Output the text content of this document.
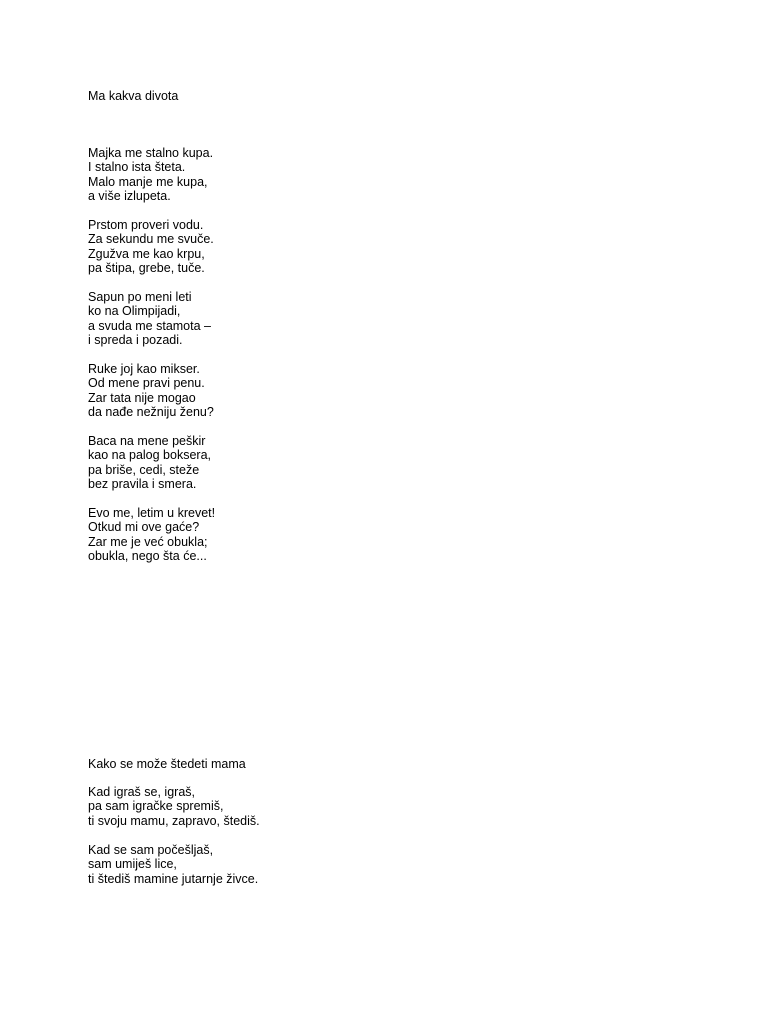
Ma kakva divota
Majka me stalno kupa.
I stalno ista šteta.
Malo manje me kupa,
a više izlupeta.
Prstom proveri vodu.
Za sekundu me svuče.
Zgužva me kao krpu,
pa štipa, grebe, tuče.
Sapun po meni leti
ko na Olimpijadi,
a svuda me stamota –
i spreda i pozadi.
Ruke joj kao mikser.
Od mene pravi penu.
Zar tata nije mogao
da nađe nežniju ženu?
Baca na mene peškir
kao na palog boksera,
pa briše, cedi, steže
bez pravila i smera.
Evo me, letim u krevet!
Otkud mi ove gaće?
Zar me je već obukla;
obukla, nego šta će...
Kako se može štedeti mama
Kad igraš se, igraš,
pa sam igračke spremiš,
ti svoju mamu, zapravo, štediš.
Kad se sam počešljaš,
sam umiješ lice,
ti štediš mamine jutarnje živce.
